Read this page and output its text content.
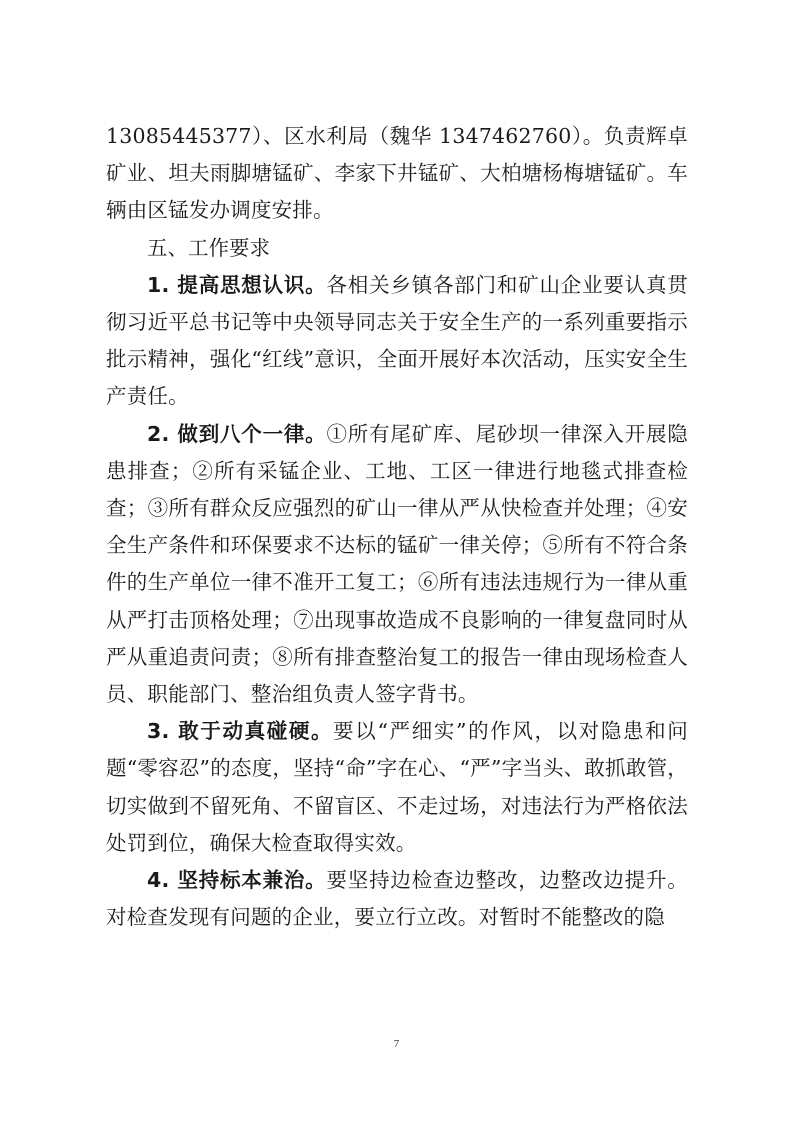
13085445377）、区水利局（魏华 1347462760）。负责辉卓矿业、坦夫雨脚塘锰矿、李家下井锰矿、大柏塘杨梅塘锰矿。车辆由区锰发办调度安排。

五、工作要求

1. 提高思想认识。各相关乡镇各部门和矿山企业要认真贯彻习近平总书记等中央领导同志关于安全生产的一系列重要指示批示精神，强化“红线”意识，全面开展好本次活动，压实安全生产责任。

2. 做到八个一律。①所有尾矿库、尾砂坝一律深入开展隐患排查；②所有采锰企业、工地、工区一律进行地毯式排查检查；③所有群众反应强烈的矿山一律从严从快检查并处理；④安全生产条件和环保要求不达标的锰矿一律关停；⑤所有不符合条件的生产单位一律不准开工复工；⑥所有违法违规行为一律从重从严打击顶格处理；⑦出现事故造成不良影响的一律复盘同时从严从重追责问责；⑧所有排查整治复工的报告一律由现场检查人员、职能部门、整治组负责人签字背书。

3. 敢于动真碰硬。要以“严细实”的作风，以对隐患和问题“零容忍”的态度，坚持“命”字在心、“严”字当头、敢抓敢管，切实做到不留死角、不留盲区、不走过场，对违法行为严格依法处罚到位，确保大检查取得实效。

4. 坚持标本兼治。要坚持边检查边整改，边整改边提升。对检查发现有问题的企业，要立行立改。对暂时不能整改的隐

7
